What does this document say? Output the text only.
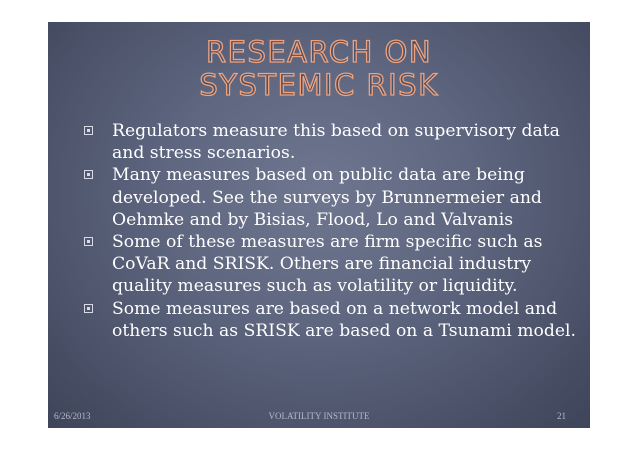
RESEARCH ON
SYSTEMIC RISK
Regulators measure this based on supervisory data and stress scenarios.
Many measures based on public data are being developed. See the surveys by Brunnermeier and Oehmke and by Bisias, Flood, Lo and Valvanis
Some of these measures are firm specific such as CoVaR and SRISK. Others are financial industry quality measures such as volatility or liquidity.
Some measures are based on a network model and others such as SRISK are based on a Tsunami model.
6/26/2013	VOLATILITY INSTITUTE	21
